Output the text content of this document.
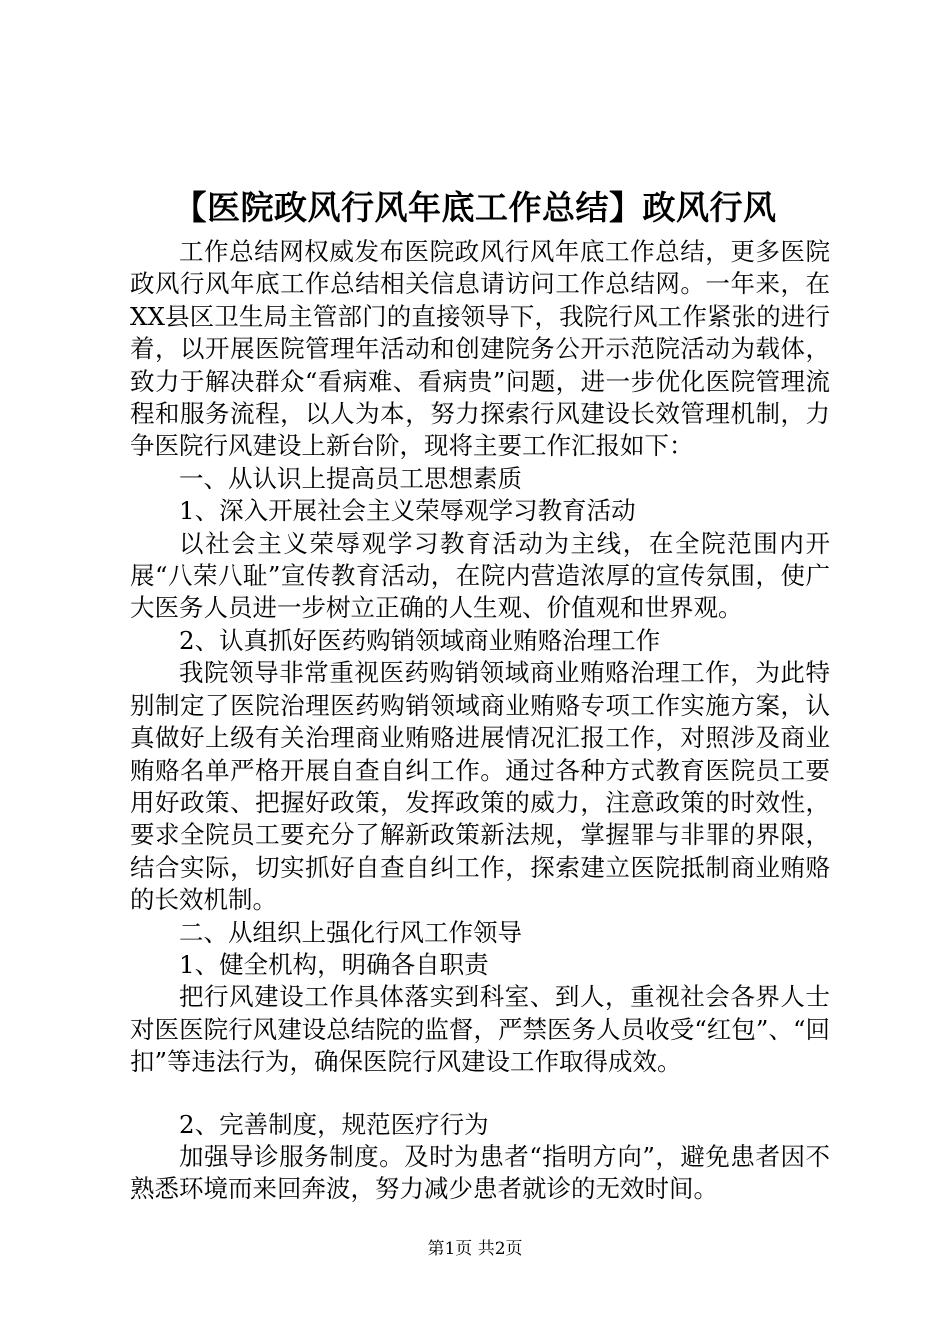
【医院政风行风年底工作总结】政风行风

工作总结网权威发布医院政风行风年底工作总结，更多医院政风行风年底工作总结相关信息请访问工作总结网。一年来，在XX县区卫生局主管部门的直接领导下，我院行风工作紧张的进行着，以开展医院管理年活动和创建院务公开示范院活动为载体，致力于解决群众“看病难、看病贵”问题，进一步优化医院管理流程和服务流程，以人为本，努力探索行风建设长效管理机制，力争医院行风建设上新台阶，现将主要工作汇报如下：

一、从认识上提高员工思想素质

1、深入开展社会主义荣辱观学习教育活动

以社会主义荣辱观学习教育活动为主线，在全院范围内开展“八荣八耻”宣传教育活动，在院内营造浓厚的宣传氛围，使广大医务人员进一步树立正确的人生观、价值观和世界观。

2、认真抓好医药购销领域商业贿赂治理工作

我院领导非常重视医药购销领域商业贿赂治理工作，为此特别制定了医院治理医药购销领域商业贿赂专项工作实施方案，认真做好上级有关治理商业贿赂进展情况汇报工作，对照涉及商业贿赂名单严格开展自查自纠工作。通过各种方式教育医院员工要用好政策、把握好政策，发挥政策的威力，注意政策的时效性，要求全院员工要充分了解新政策新法规，掌握罪与非罪的界限，结合实际，切实抓好自查自纠工作，探索建立医院抵制商业贿赂的长效机制。

二、从组织上强化行风工作领导

1、健全机构，明确各自职责

把行风建设工作具体落实到科室、到人，重视社会各界人士对医医院行风建设总结院的监督，严禁医务人员收受“红包”、“回扣”等违法行为，确保医院行风建设工作取得成效。

2、完善制度，规范医疗行为

加强导诊服务制度。及时为患者“指明方向”，避免患者因不熟悉环境而来回奔波，努力减少患者就诊的无效时间。

第1页 共2页
